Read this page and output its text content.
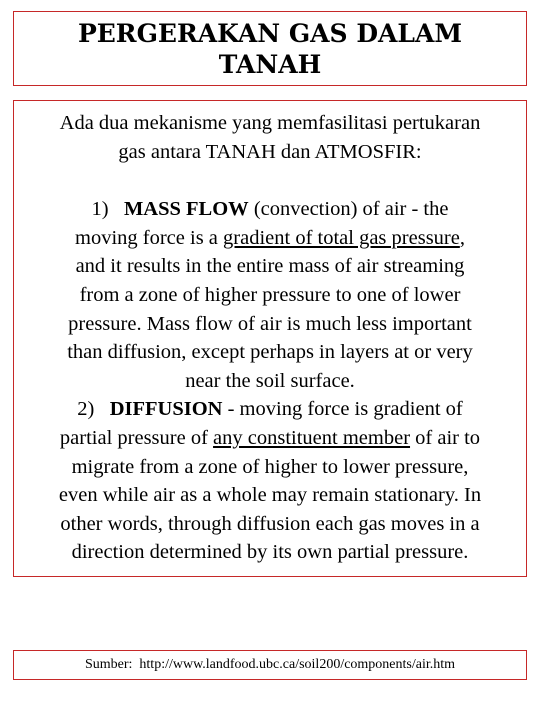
PERGERAKAN GAS DALAM
TANAH
Ada dua mekanisme yang memfasilitasi pertukaran
gas antara TANAH dan ATMOSFIR:
1) MASS FLOW (convection) of air - the
moving force is a gradient of total gas pressure,
and it results in the entire mass of air streaming
from a zone of higher pressure to one of lower
pressure. Mass flow of air is much less important
than diffusion, except perhaps in layers at or very
near the soil surface.
2) DIFFUSION - moving force is gradient of
partial pressure of any constituent member of air to
migrate from a zone of higher to lower pressure,
even while air as a whole may remain stationary. In
other words, through diffusion each gas moves in a
direction determined by its own partial pressure.
Sumber: http://www.landfood.ubc.ca/soil200/components/air.htm
